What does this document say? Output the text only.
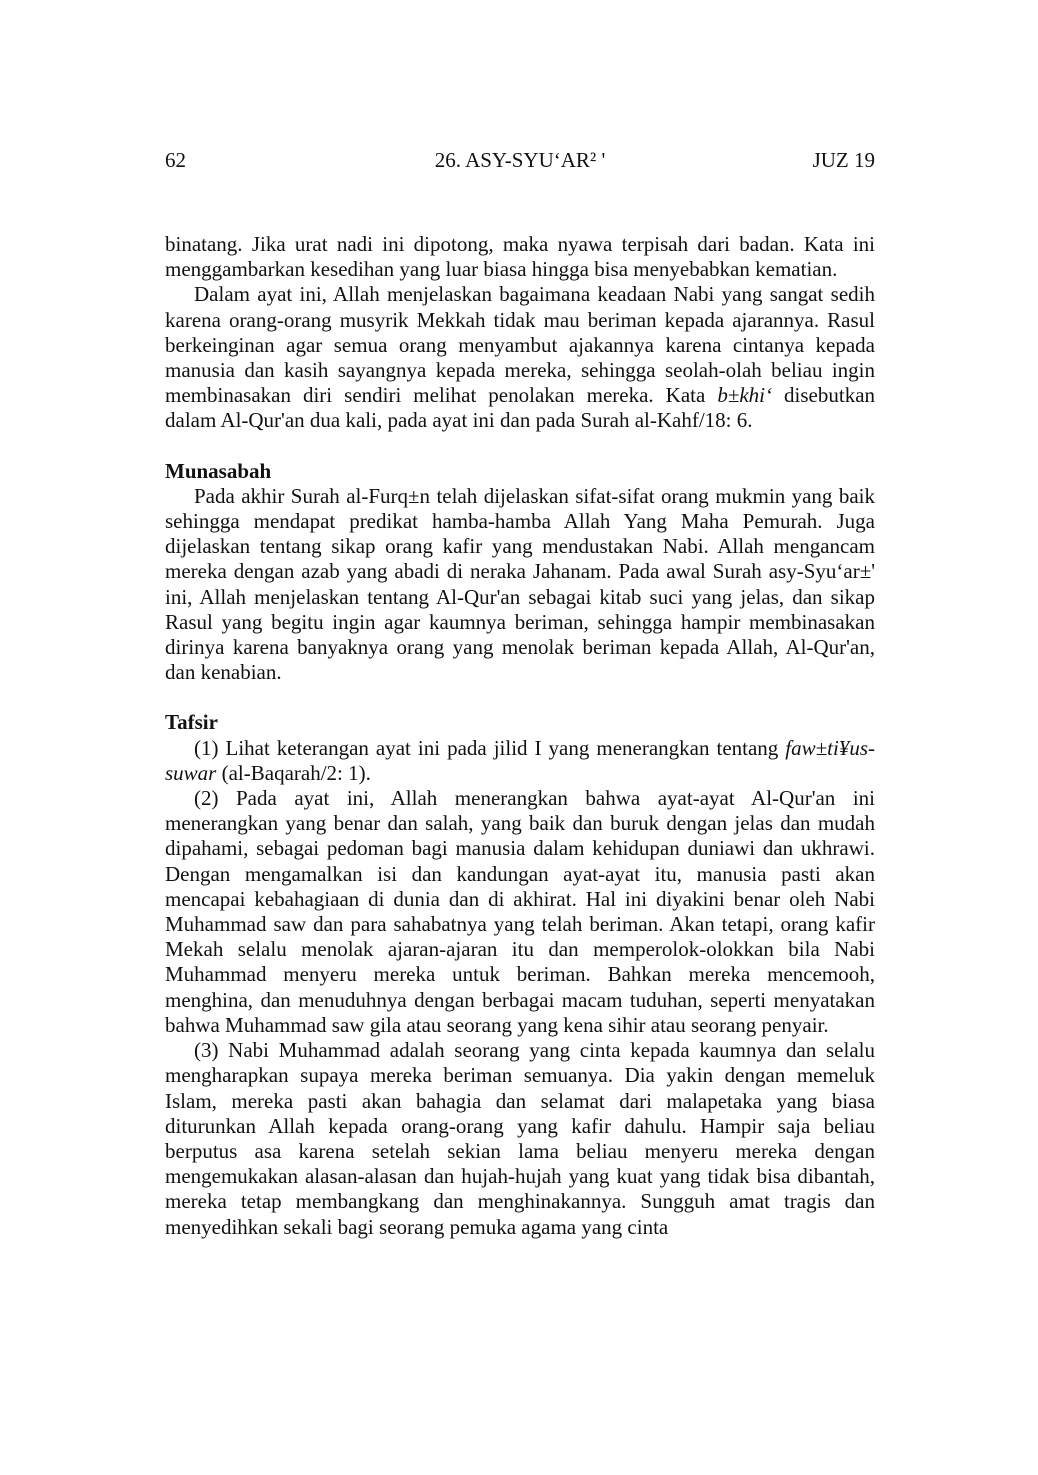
62	26. ASY-SYU‘AR² '	JUZ 19

binatang. Jika urat nadi ini dipotong, maka nyawa terpisah dari badan. Kata ini menggambarkan kesedihan yang luar biasa hingga bisa menyebabkan kematian.

Dalam ayat ini, Allah menjelaskan bagaimana keadaan Nabi yang sangat sedih karena orang-orang musyrik Mekkah tidak mau beriman kepada ajarannya. Rasul berkeinginan agar semua orang menyambut ajakannya karena cintanya kepada manusia dan kasih sayangnya kepada mereka, sehingga seolah-olah beliau ingin membinasakan diri sendiri melihat penolakan mereka. Kata b±khi‘ disebutkan dalam Al-Qur'an dua kali, pada ayat ini dan pada Surah al-Kahf/18: 6.

Munasabah

Pada akhir Surah al-Furq±n telah dijelaskan sifat-sifat orang mukmin yang baik sehingga mendapat predikat hamba-hamba Allah Yang Maha Pemurah. Juga dijelaskan tentang sikap orang kafir yang mendustakan Nabi. Allah mengancam mereka dengan azab yang abadi di neraka Jahanam. Pada awal Surah asy-Syu‘ar±' ini, Allah menjelaskan tentang Al-Qur'an sebagai kitab suci yang jelas, dan sikap Rasul yang begitu ingin agar kaumnya beriman, sehingga hampir membinasakan dirinya karena banyaknya orang yang menolak beriman kepada Allah, Al-Qur'an, dan kenabian.

Tafsir

(1) Lihat keterangan ayat ini pada jilid I yang menerangkan tentang faw±ti¥us-suwar (al-Baqarah/2: 1).

(2) Pada ayat ini, Allah menerangkan bahwa ayat-ayat Al-Qur'an ini menerangkan yang benar dan salah, yang baik dan buruk dengan jelas dan mudah dipahami, sebagai pedoman bagi manusia dalam kehidupan duniawi dan ukhrawi. Dengan mengamalkan isi dan kandungan ayat-ayat itu, manusia pasti akan mencapai kebahagiaan di dunia dan di akhirat. Hal ini diyakini benar oleh Nabi Muhammad saw dan para sahabatnya yang telah beriman. Akan tetapi, orang kafir Mekah selalu menolak ajaran-ajaran itu dan memperolok-olokkan bila Nabi Muhammad menyeru mereka untuk beriman. Bahkan mereka mencemooh, menghina, dan menuduhnya dengan berbagai macam tuduhan, seperti menyatakan bahwa Muhammad saw gila atau seorang yang kena sihir atau seorang penyair.

(3) Nabi Muhammad adalah seorang yang cinta kepada kaumnya dan selalu mengharapkan supaya mereka beriman semuanya. Dia yakin dengan memeluk Islam, mereka pasti akan bahagia dan selamat dari malapetaka yang biasa diturunkan Allah kepada orang-orang yang kafir dahulu. Hampir saja beliau berputus asa karena setelah sekian lama beliau menyeru mereka dengan mengemukakan alasan-alasan dan hujah-hujah yang kuat yang tidak bisa dibantah, mereka tetap membangkang dan menghinakannya. Sungguh amat tragis dan menyedihkan sekali bagi seorang pemuka agama yang cinta
